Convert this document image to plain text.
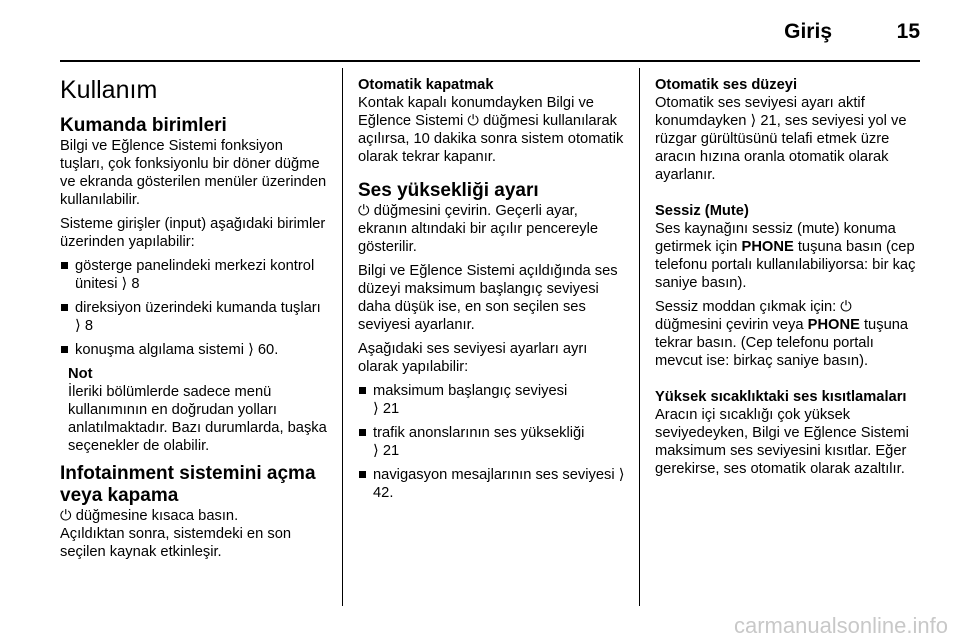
Giriş	15
Kullanım
Kumanda birimleri

Bilgi ve Eğlence Sistemi fonksiyon tuşları, çok fonksiyonlu bir döner düğme ve ekranda gösterilen menüler üzerinden kullanılabilir.

Sisteme girişler (input) aşağıdaki birimler üzerinden yapılabilir:

gösterge panelindeki merkezi kontrol ünitesi ⟩ 8
direksiyon üzerindeki kumanda tuşları ⟩ 8
konuşma algılama sistemi ⟩ 60.
Not
İleriki bölümlerde sadece menü kullanımının en doğrudan yolları anlatılmaktadır. Bazı durumlarda, başka seçenekler de olabilir.
Infotainment sistemini açma veya kapama

⏻ düğmesine kısaca basın.

Açıldıktan sonra, sistemdeki en son seçilen kaynak etkinleşir.

Otomatik kapatmak

Kontak kapalı konumdayken Bilgi ve Eğlence Sistemi ⏻ düğmesi kullanılarak açılırsa, 10 dakika sonra sistem otomatik olarak tekrar kapanır.

Ses yüksekliği ayarı

⏻ düğmesini çevirin. Geçerli ayar, ekranın altındaki bir açılır pencereyle gösterilir.

Bilgi ve Eğlence Sistemi açıldığında ses düzeyi maksimum başlangıç seviyesi daha düşük ise, en son seçilen ses seviyesi ayarlanır.

Aşağıdaki ses seviyesi ayarları ayrı olarak yapılabilir:

maksimum başlangıç seviyesi
⟩ 21
trafik anonslarının ses yüksekliği
⟩ 21
navigasyon mesajlarının ses seviyesi ⟩ 42.
Otomatik ses düzeyi

Otomatik ses seviyesi ayarı aktif konumdayken ⟩ 21, ses seviyesi yol ve rüzgar gürültüsünü telafi etmek üzre aracın hızına oranla otomatik olarak ayarlanır.

Sessiz (Mute)

Ses kaynağını sessiz (mute) konuma getirmek için PHONE tuşuna basın (cep telefonu portalı kullanılabiliyorsa: bir kaç saniye basın).

Sessiz moddan çıkmak için: ⏻
düğmesini çevirin veya PHONE tuşuna tekrar basın. (Cep telefonu portalı mevcut ise: birkaç saniye basın).

Yüksek sıcaklıktaki ses kısıtlamaları

Aracın içi sıcaklığı çok yüksek seviyedeyken, Bilgi ve Eğlence Sistemi maksimum ses seviyesini kısıtlar. Eğer gerekirse, ses otomatik olarak azaltılır.

carmanualsonline.info
